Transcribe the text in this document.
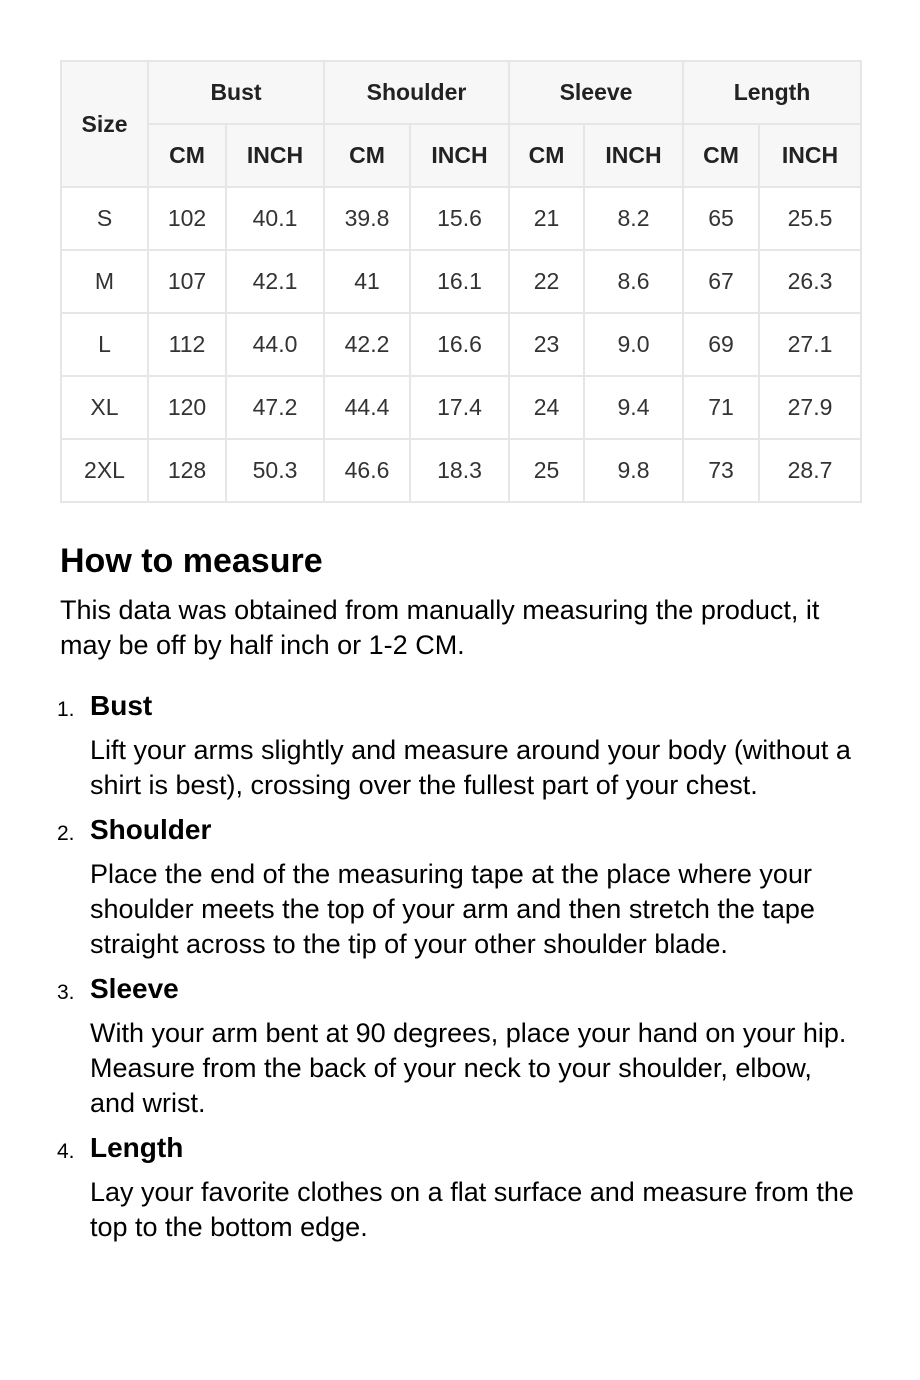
Size	Bust		Shoulder		Sleeve		Length	
	CM	INCH	CM	INCH	CM	INCH	CM	INCH
S	102	40.1	39.8	15.6	21	8.2	65	25.5
M	107	42.1	41	16.1	22	8.6	67	26.3
L	112	44.0	42.2	16.6	23	9.0	69	27.1
XL	120	47.2	44.4	17.4	24	9.4	71	27.9
2XL	128	50.3	46.6	18.3	25	9.8	73	28.7
How to measure

This data was obtained from manually measuring the product, it may be off by half inch or 1-2 CM.

1. Bust
Lift your arms slightly and measure around your body (without a shirt is best), crossing over the fullest part of your chest.
2. Shoulder
Place the end of the measuring tape at the place where your shoulder meets the top of your arm and then stretch the tape straight across to the tip of your other shoulder blade.
3. Sleeve
With your arm bent at 90 degrees, place your hand on your hip. Measure from the back of your neck to your shoulder, elbow, and wrist.
4. Length
Lay your favorite clothes on a flat surface and measure from the top to the bottom edge.
